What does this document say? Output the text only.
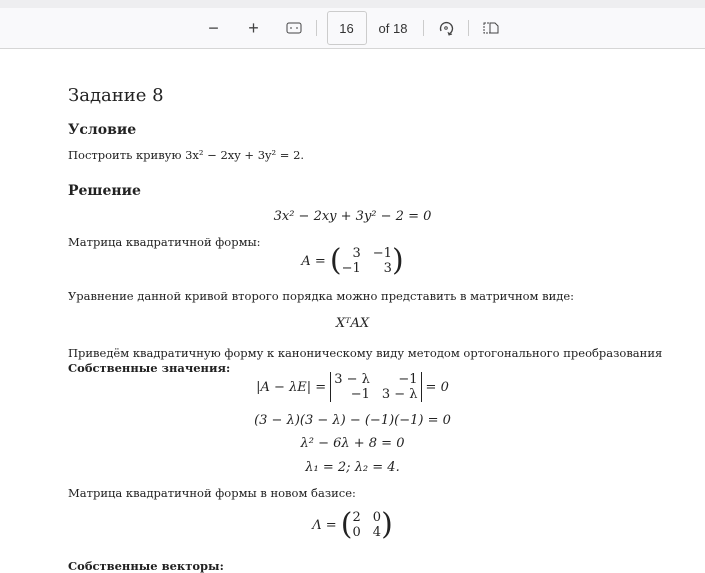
−	+	16	of 18
Задание 8
Условие
Построить кривую 3x² − 2xy + 3y² = 2.
Решение
3x² − 2xy + 3y² − 2 = 0
Матрица квадратичной формы:
A =
( 3 −1
−1	3 )
Уравнение данной кривой второго порядка можно представить в матричном виде:
XᵀAX
Приведём квадратичную форму к каноническому виду методом ортогонального преобразования
Собственные значения:
|A − λE| = 3 − λ	−1
−1 3 − λ = 0
(3 − λ)(3 − λ) − (−1)(−1) = 0
λ² − 6λ + 8 = 0
λ₁ = 2; λ₂ = 4.
Матрица квадратичной формы в новом базисе:
Λ =
( 2 0
0 4 )
Собственные векторы:
